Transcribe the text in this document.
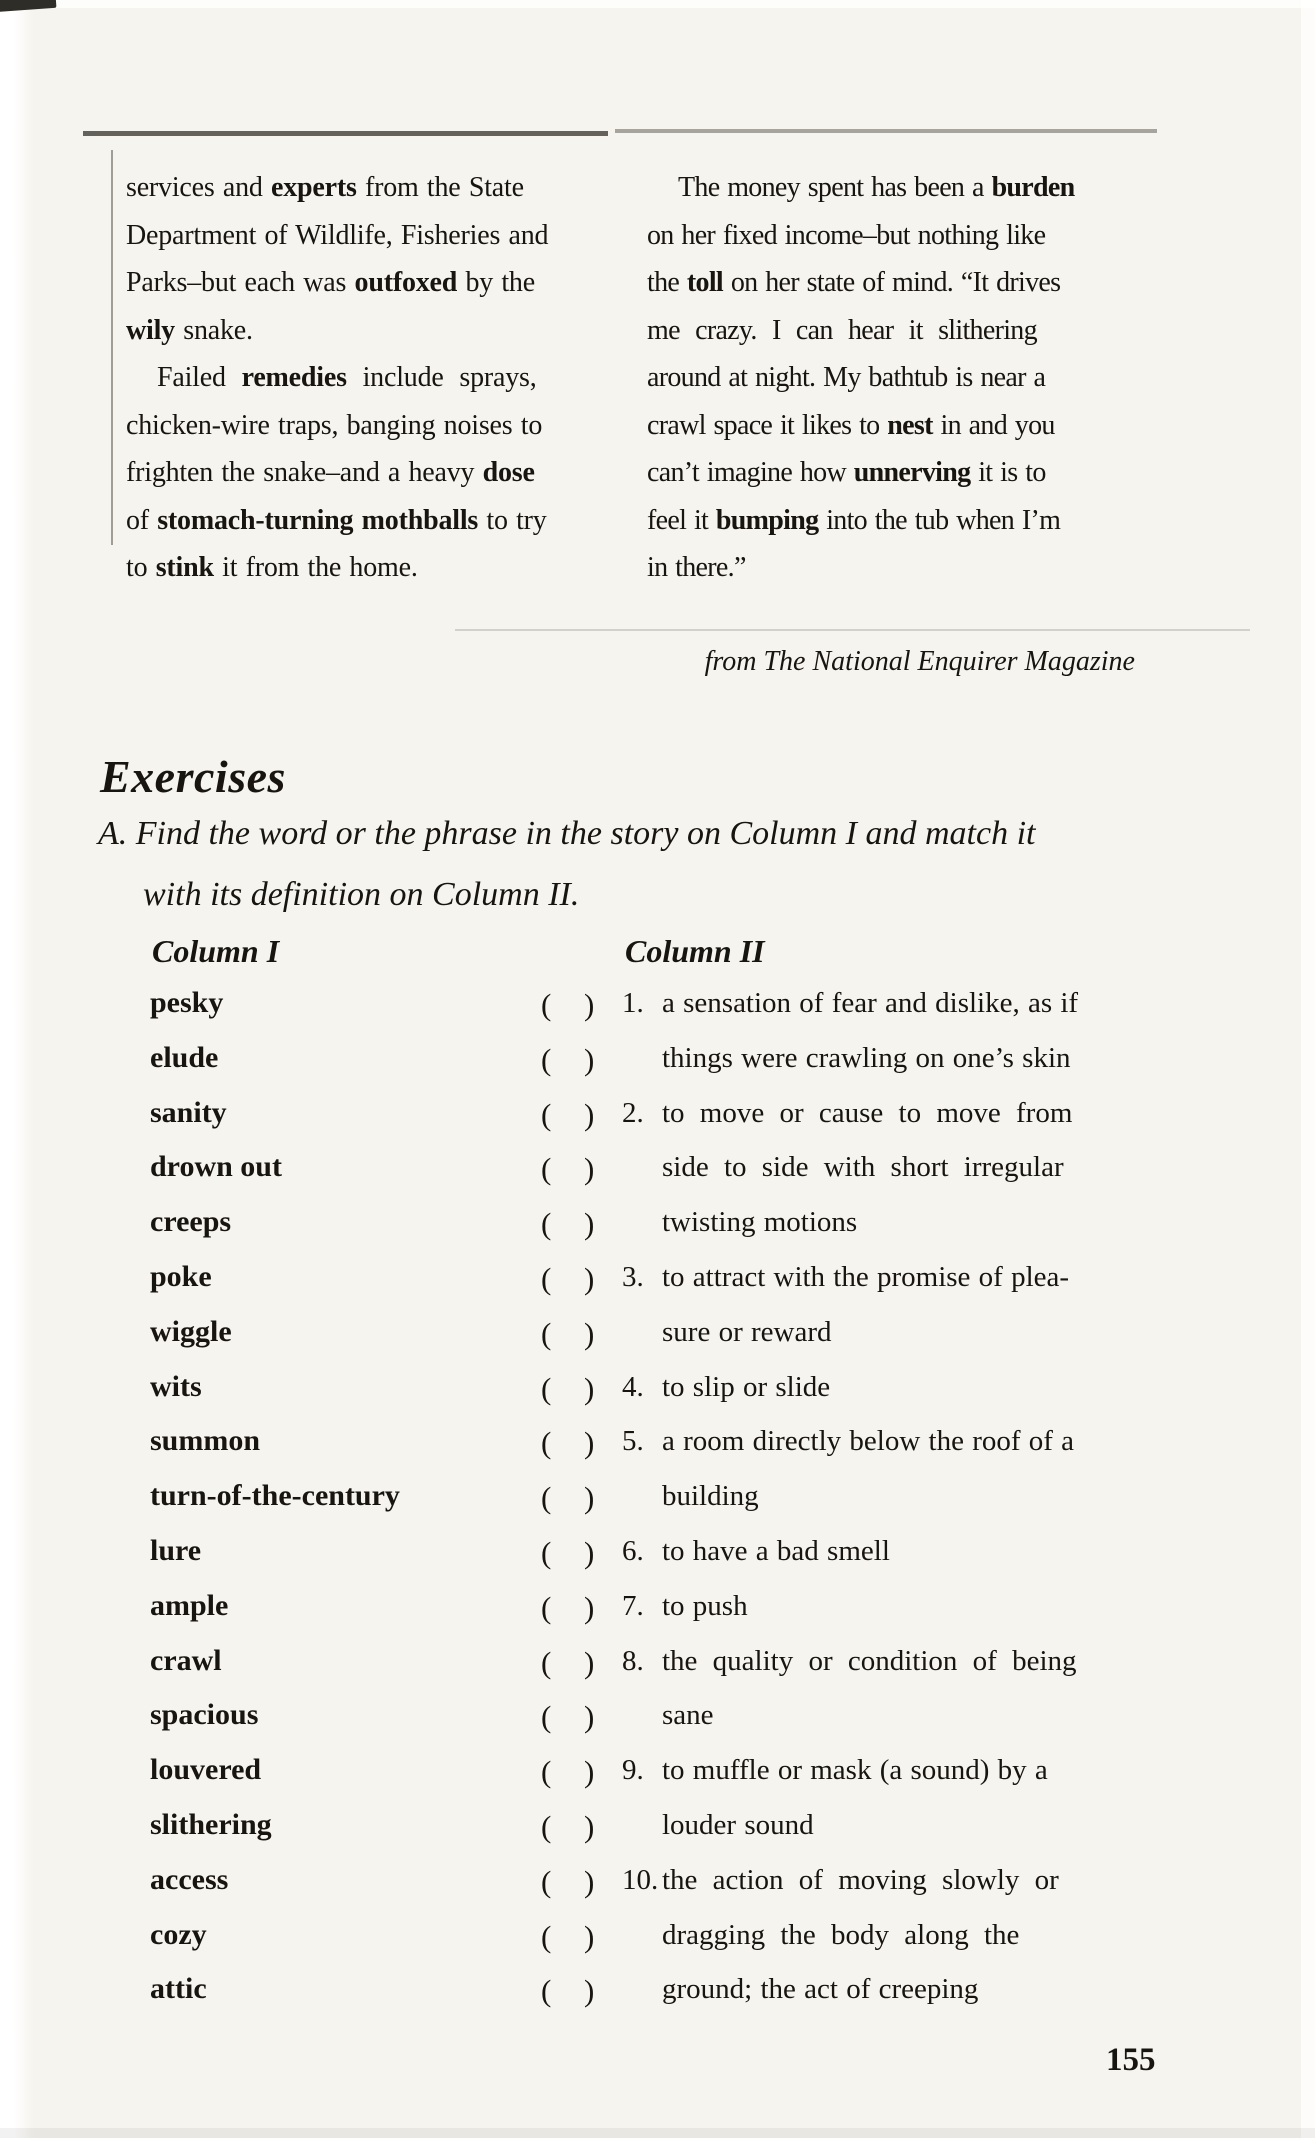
services and experts from the State
Department of Wildlife, Fisheries and
Parks–but each was outfoxed by the
wily snake.
Failed remedies include sprays,
chicken-wire traps, banging noises to
frighten the snake–and a heavy dose
of stomach-turning mothballs to try
to stink it from the home.
The money spent has been a burden
on her fixed income–but nothing like
the toll on her state of mind. “It drives
me crazy. I can hear it slithering
around at night. My bathtub is near a
crawl space it likes to nest in and you
can’t imagine how unnerving it is to
feel it bumping into the tub when I’m
in there.”
from The National Enquirer Magazine
Exercises
A. Find the word or the phrase in the story on Column I and match it
with its definition on Column II.
Column I	Column II
pesky	( ) 1. a sensation of fear and dislike, as if
elude	( ) things were crawling on one’s skin
sanity	( ) 2. to move or cause to move from
drown out	( ) side to side with short irregular
creeps	( ) twisting motions
poke	( ) 3. to attract with the promise of plea-
wiggle	( ) sure or reward
wits	( ) 4. to slip or slide
summon	( ) 5. a room directly below the roof of a
turn-of-the-century	( ) building
lure	( ) 6. to have a bad smell
ample	( ) 7. to push
crawl	( ) 8. the quality or condition of being
spacious	( ) sane
louvered	( ) 9. to muffle or mask (a sound) by a
slithering	( ) louder sound
access	( ) 10. the action of moving slowly or
cozy	( ) dragging the body along the
attic	( ) ground; the act of creeping
155
